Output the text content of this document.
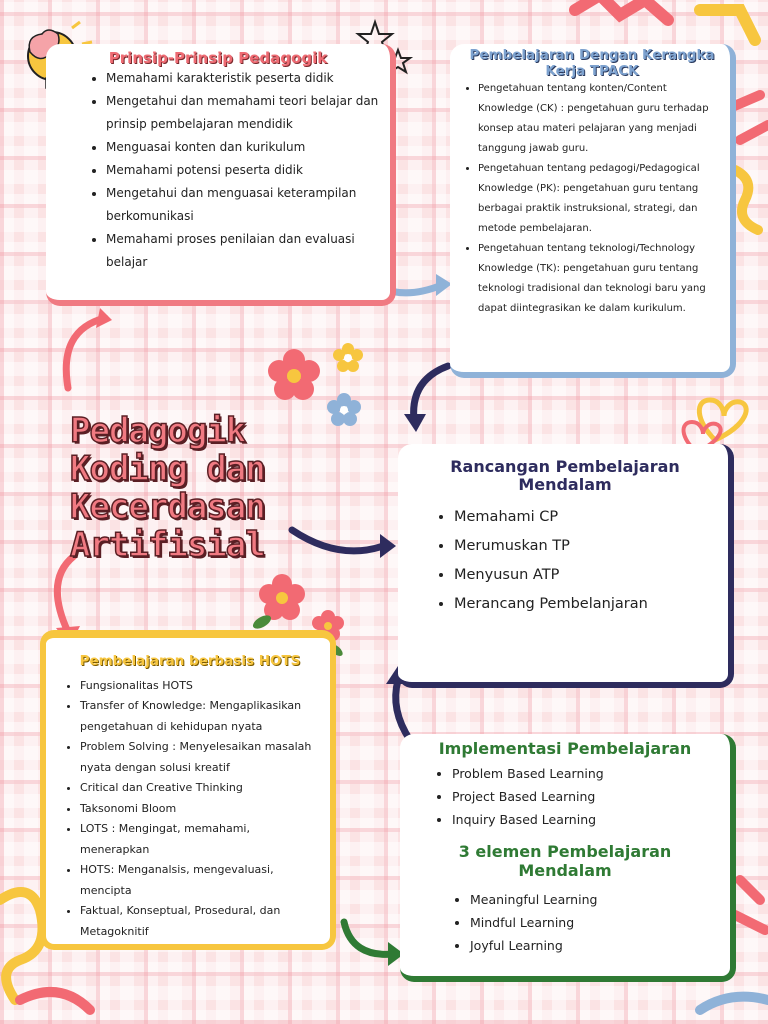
Pedagogik
Koding dan
Kecerdasan
Artifisial
Prinsip-Prinsip Pedagogik
• Memahami karakteristik peserta didik
• Mengetahui dan memahami teori belajar dan prinsip pembelajaran mendidik
• Menguasai konten dan kurikulum
• Memahami potensi peserta didik
• Mengetahui dan menguasai keterampilan berkomunikasi
• Memahami proses penilaian dan evaluasi belajar
Pembelajaran Dengan Kerangka Kerja TPACK
• Pengetahuan tentang konten/Content Knowledge (CK) : pengetahuan guru terhadap konsep atau materi pelajaran yang menjadi tanggung jawab guru.
• Pengetahuan tentang pedagogi/Pedagogical Knowledge (PK): pengetahuan guru tentang berbagai praktik instruksional, strategi, dan metode pembelajaran.
• Pengetahuan tentang teknologi/Technology Knowledge (TK): pengetahuan guru tentang teknologi tradisional dan teknologi baru yang dapat diintegrasikan ke dalam kurikulum.
Rancangan Pembelajaran Mendalam
• Memahami CP
• Merumuskan TP
• Menyusun ATP
• Merancang Pembelanjaran
Pembelajaran berbasis HOTS
• Fungsionalitas HOTS
• Transfer of Knowledge: Mengaplikasikan pengetahuan di kehidupan nyata
• Problem Solving : Menyelesaikan masalah nyata dengan solusi kreatif
• Critical dan Creative Thinking
• Taksonomi Bloom
• LOTS : Mengingat, memahami, menerapkan
• HOTS: Menganalsis, mengevaluasi, mencipta
• Faktual, Konseptual, Prosedural, dan Metagoknitif
Implementasi Pembelajaran
• Problem Based Learning
• Project Based Learning
• Inquiry Based Learning
3 elemen Pembelajaran Mendalam
• Meaningful Learning
• Mindful Learning
• Joyful Learning
